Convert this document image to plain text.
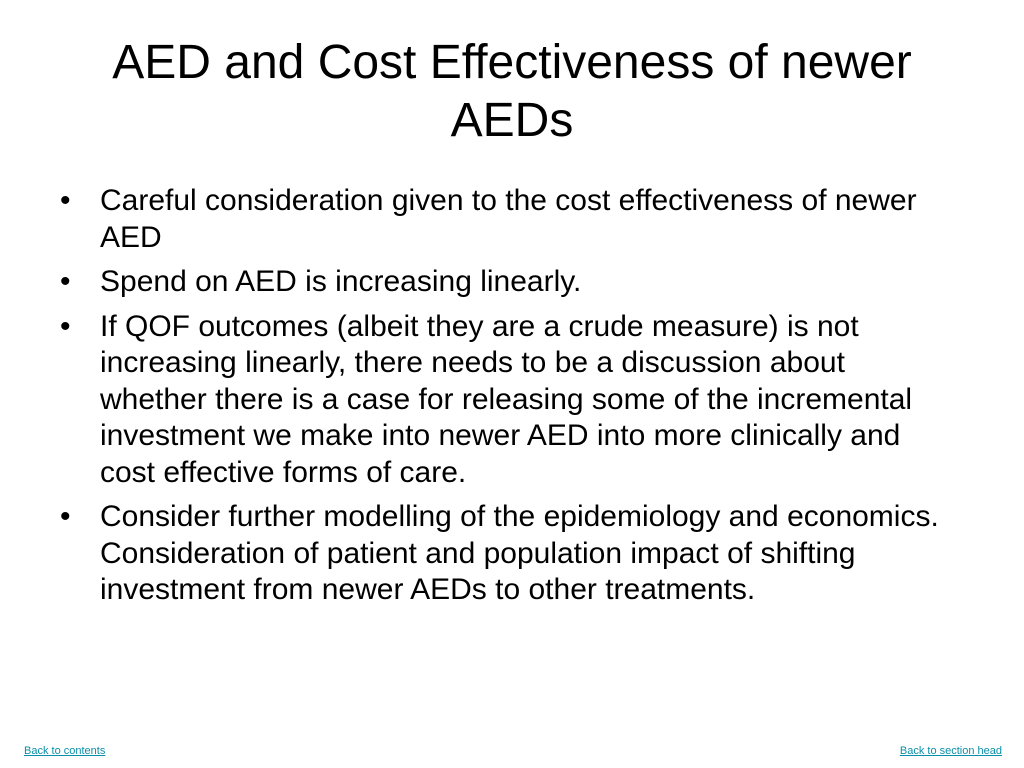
AED and Cost Effectiveness of newer AEDs
• Careful consideration given to the cost effectiveness of newer AED
• Spend on AED is increasing linearly.
• If QOF outcomes (albeit they are a crude measure) is not increasing linearly, there needs to be a discussion about whether there is a case for releasing some of the incremental investment we make into newer AED into more clinically and cost effective forms of care.
• Consider further modelling of the epidemiology and economics. Consideration of patient and population impact of shifting investment from newer AEDs to other treatments.
Back to contents	Back to section head
